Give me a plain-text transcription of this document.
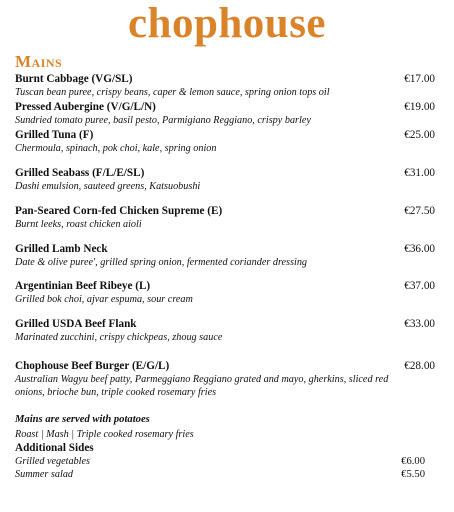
chophouse
Mains
Burnt Cabbage (VG/SL)	€17.00
Tuscan bean puree, crispy beans, caper & lemon sauce, spring onion tops oil
Pressed Aubergine (V/G/L/N)	€19.00
Sundried tomato puree, basil pesto, Parmigiano Reggiano, crispy barley
Grilled Tuna (F)	€25.00
Chermoula, spinach, pok choi, kale, spring onion
Grilled Seabass (F/L/E/SL)	€31.00
Dashi emulsion, sauteed greens, Katsuobushi
Pan-Seared Corn-fed Chicken Supreme (E)	€27.50
Burnt leeks, roast chicken aioli
Grilled Lamb Neck	€36.00
Date & olive puree', grilled spring onion, fermented coriander dressing
Argentinian Beef Ribeye (L)	€37.00
Grilled bok choi, ajvar espuma, sour cream
Grilled USDA Beef Flank	€33.00
Marinated zucchini, crispy chickpeas, zhoug sauce
Chophouse Beef Burger (E/G/L)	€28.00
Australian Wagyu beef patty, Parmeggiano Reggiano grated and mayo, gherkins, sliced red onions, brioche bun, triple cooked rosemary fries
Mains are served with potatoes
Roast | Mash | Triple cooked rosemary fries
Additional Sides
Grilled vegetables	€6.00
Summer salad	€5.50
